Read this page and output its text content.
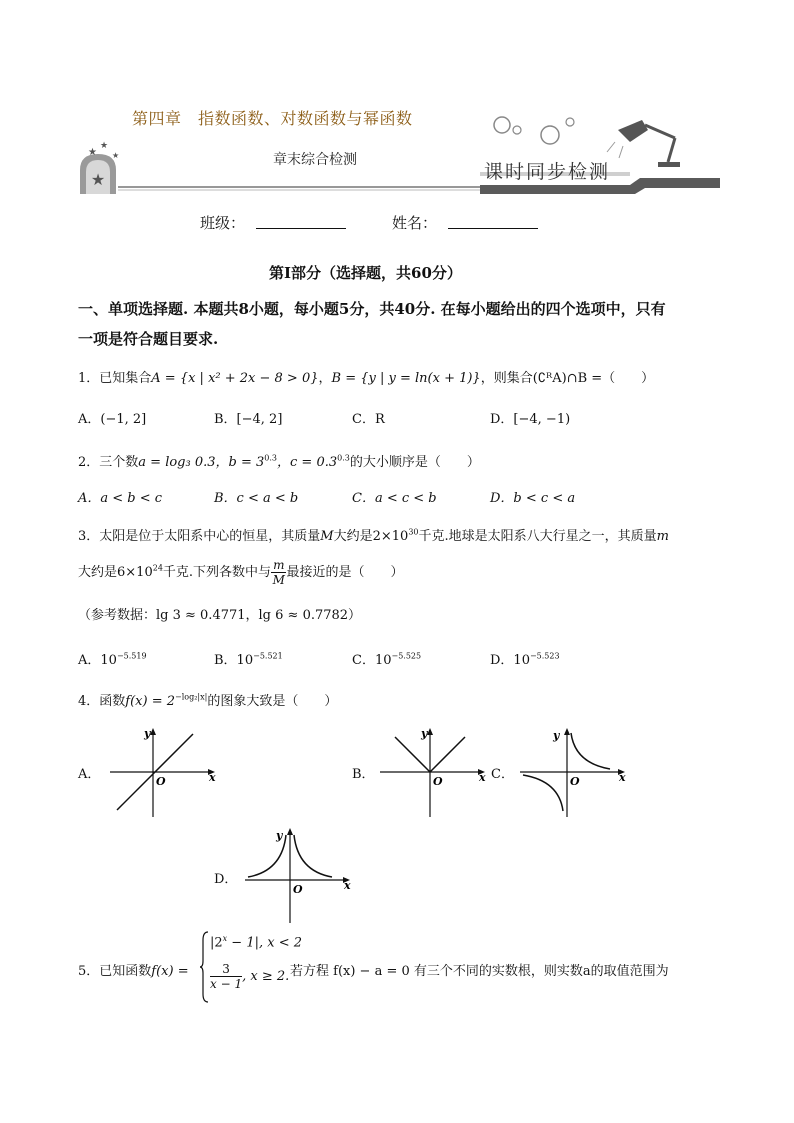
★
★
★
★
第四章　指数函数、对数函数与幂函数
章末综合检测
课时同步检测
班级：	姓名：
第Ⅰ部分（选择题，共60分）
一、单项选择题. 本题共8小题，每小题5分，共40分. 在每小题给出的四个选项中，只有
一项是符合题目要求.
1．已知集合A = {x | x² + 2x − 8 > 0}，B = {y | y = ln(x + 1)}，则集合(∁ᴿA)∩B =（　　）
A．(−1, 2]	B．[−4, 2]	C．R	D．[−4, −1)
2．三个数a = log₃ 0.3，$b = 3^{0.3}$，$c = 0.3^{0.3}$的大小顺序是（　　）
A．a < b < c	B．c < a < b	C．a < c < b	D．b < c < a
3．太阳是位于太阳系中心的恒星，其质量M大约是$2\times 10^{30}$千克.地球是太阳系八大行星之一，其质量m
大约是$6\times 10^{24}$千克.下列各数中与 $\frac{m}{M}$ 最接近的是（　　）
（参考数据：lg 3 ≈ 0.4771，lg 6 ≈ 0.7782）
A．$10^{-5.519}$	B．$10^{-5.521}$	C．$10^{-5.525}$	D．$10^{-5.523}$
4．函数$f(x) = 2^{-log_2|x|}$的图象大致是（　　）
A．
y
x
O	B．
y
x
O	C．
y
x
O
D．
y
x
O
5．已知函数f(x) =
$|2^x - 1|$, x < 2
$\frac{3}{x - 1}$ , x ≥ 2. 若方程 f(x) − a = 0 有三个不同的实数根，则实数a的取值范围为
